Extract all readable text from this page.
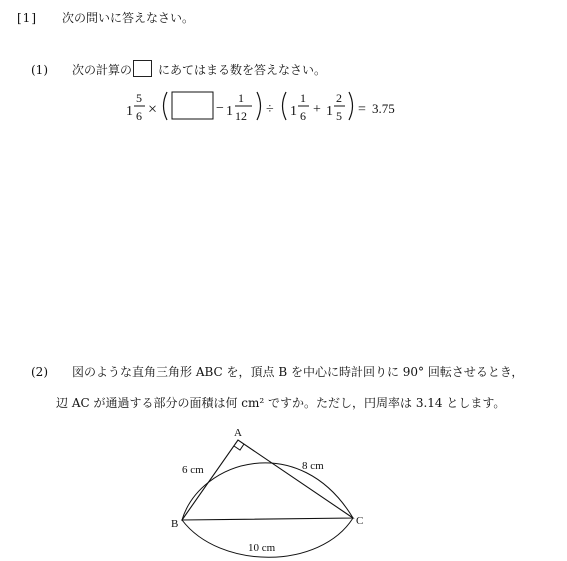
[1] 次の問いに答えなさい。
(1) 次の計算の にあてはまる数を答えなさい。
1
5
6 ×	− 1
1
12 ÷ 1
1
6 + 1
2
5 = 3.75
(2) 図のような直角三角形 ABC を，頂点 B を中心に時計回りに 90° 回転させるとき，
辺 AC が通過する部分の面積は何 cm² ですか。ただし，円周率は 3.14 とします。
A
B	C
6 cm	8 cm
10 cm
